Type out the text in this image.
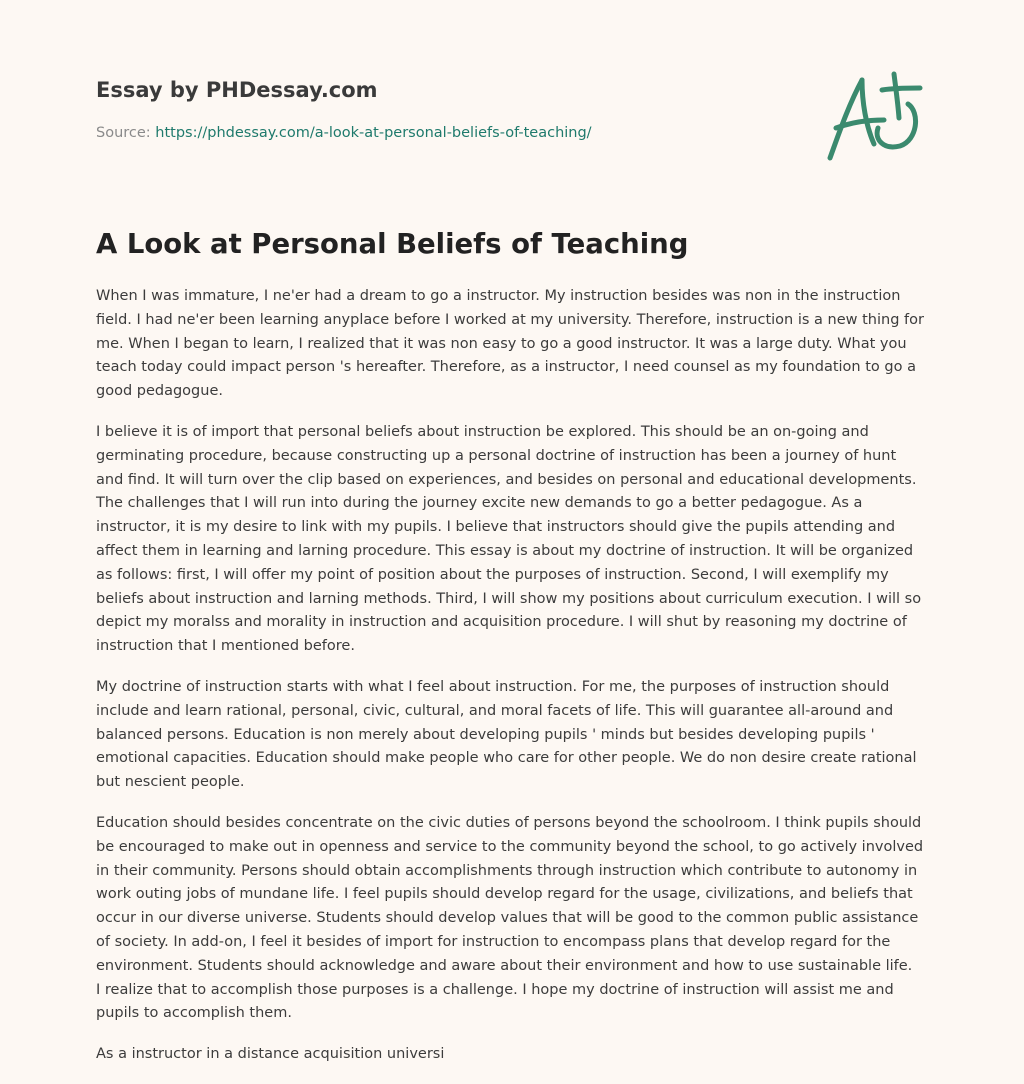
Essay by PHDessay.com
Source: https://phdessay.com/a-look-at-personal-beliefs-of-teaching/
A Look at Personal Beliefs of Teaching

When I was immature, I ne'er had a dream to go a instructor. My instruction besides was non in the instruction
field. I had ne'er been learning anyplace before I worked at my university. Therefore, instruction is a new thing for
me. When I began to learn, I realized that it was non easy to go a good instructor. It was a large duty. What you
teach today could impact person 's hereafter. Therefore, as a instructor, I need counsel as my foundation to go a
good pedagogue.

I believe it is of import that personal beliefs about instruction be explored. This should be an on-going and
germinating procedure, because constructing up a personal doctrine of instruction has been a journey of hunt
and find. It will turn over the clip based on experiences, and besides on personal and educational developments.
The challenges that I will run into during the journey excite new demands to go a better pedagogue. As a
instructor, it is my desire to link with my pupils. I believe that instructors should give the pupils attending and
affect them in learning and larning procedure. This essay is about my doctrine of instruction. It will be organized
as follows: first, I will offer my point of position about the purposes of instruction. Second, I will exemplify my
beliefs about instruction and larning methods. Third, I will show my positions about curriculum execution. I will so
depict my moralss and morality in instruction and acquisition procedure. I will shut by reasoning my doctrine of
instruction that I mentioned before.

My doctrine of instruction starts with what I feel about instruction. For me, the purposes of instruction should
include and learn rational, personal, civic, cultural, and moral facets of life. This will guarantee all-around and
balanced persons. Education is non merely about developing pupils ' minds but besides developing pupils '
emotional capacities. Education should make people who care for other people. We do non desire create rational
but nescient people.

Education should besides concentrate on the civic duties of persons beyond the schoolroom. I think pupils should
be encouraged to make out in openness and service to the community beyond the school, to go actively involved
in their community. Persons should obtain accomplishments through instruction which contribute to autonomy in
work outing jobs of mundane life. I feel pupils should develop regard for the usage, civilizations, and beliefs that
occur in our diverse universe. Students should develop values that will be good to the common public assistance
of society. In add-on, I feel it besides of import for instruction to encompass plans that develop regard for the
environment. Students should acknowledge and aware about their environment and how to use sustainable life.
I realize that to accomplish those purposes is a challenge. I hope my doctrine of instruction will assist me and
pupils to accomplish them.

As a instructor in a distance acquisition universi
